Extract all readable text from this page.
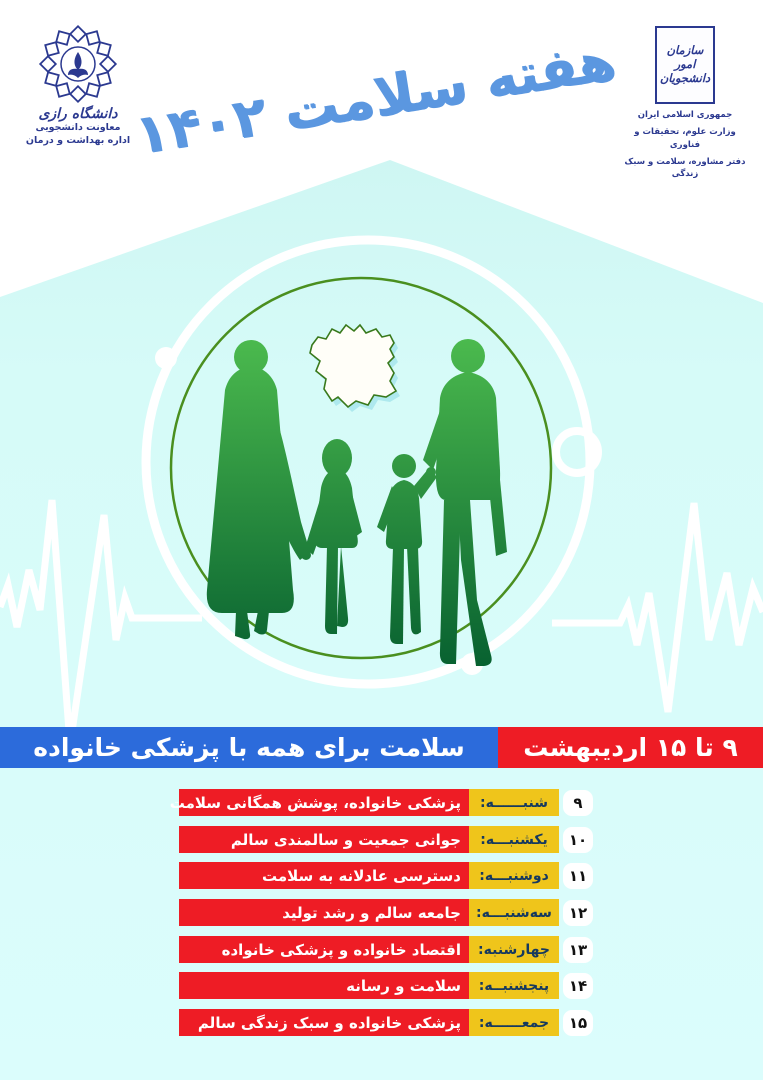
دانشگاه رازی
معاونت دانشجویی
اداره بهداشت و درمان
سازمان امور دانشجویان
جمهوری اسلامی ایران
وزارت علوم، تحقیقات و فناوری
دفتر مشاوره، سلامت و سبک زندگی
هفته سلامت ۱۴۰۲
سلامت برای همه با پزشکی خانواده	۹ تا ۱۵ اردیبهشت
پزشکی خانواده، پوشش همگانی سلامت	شنبــــــه:	۹
جوانی جمعیت و سالمندی سالم	یکشنبـــه:	۱۰
دسترسی عادلانه به سلامت	دوشنبـــه:	۱۱
جامعه سالم و رشد تولید	سه‌شنبـــه:	۱۲
اقتصاد خانواده و پزشکی خانواده	چهارشنبه:	۱۳
سلامت و رسانه	پنجشنبــه:	۱۴
پزشکی خانواده و سبک زندگی سالم	جمعــــــه:	۱۵
